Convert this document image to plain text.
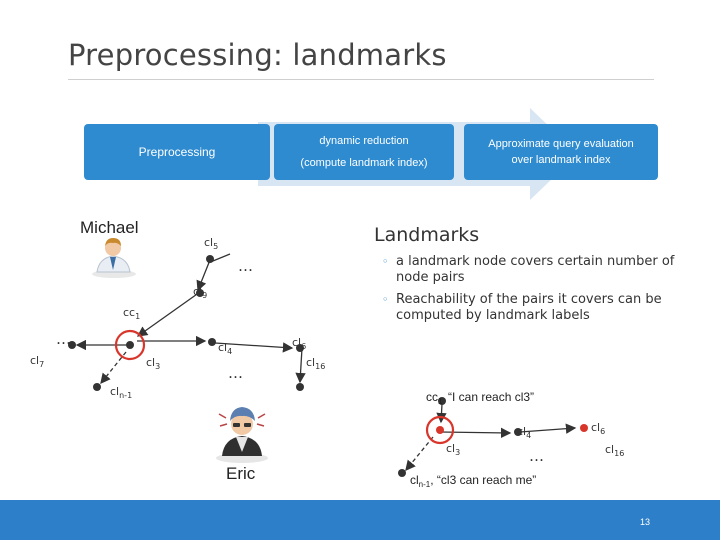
Preprocessing: landmarks
Preprocessing
dynamic reduction
(compute landmark index)
Approximate query evaluation
over landmark index
Michael
Eric
$cl_5$
…
$cl_9$
$cc_1$
…
$cl_7$	$cl_3$
$cl_4$
…
$cl_6$
$cl_{16}$
$cl_{n-1}$
Landmarks
◦ a landmark node covers certain number of node pairs
◦ Reachability of the pairs it covers can be computed by landmark labels
$cc_1$ “I can reach cl3”
$cl_3$
$cl_4$
…
$cl_6$
$cl_{16}$
$cl_{n-1}$, “cl3 can reach me”
13
